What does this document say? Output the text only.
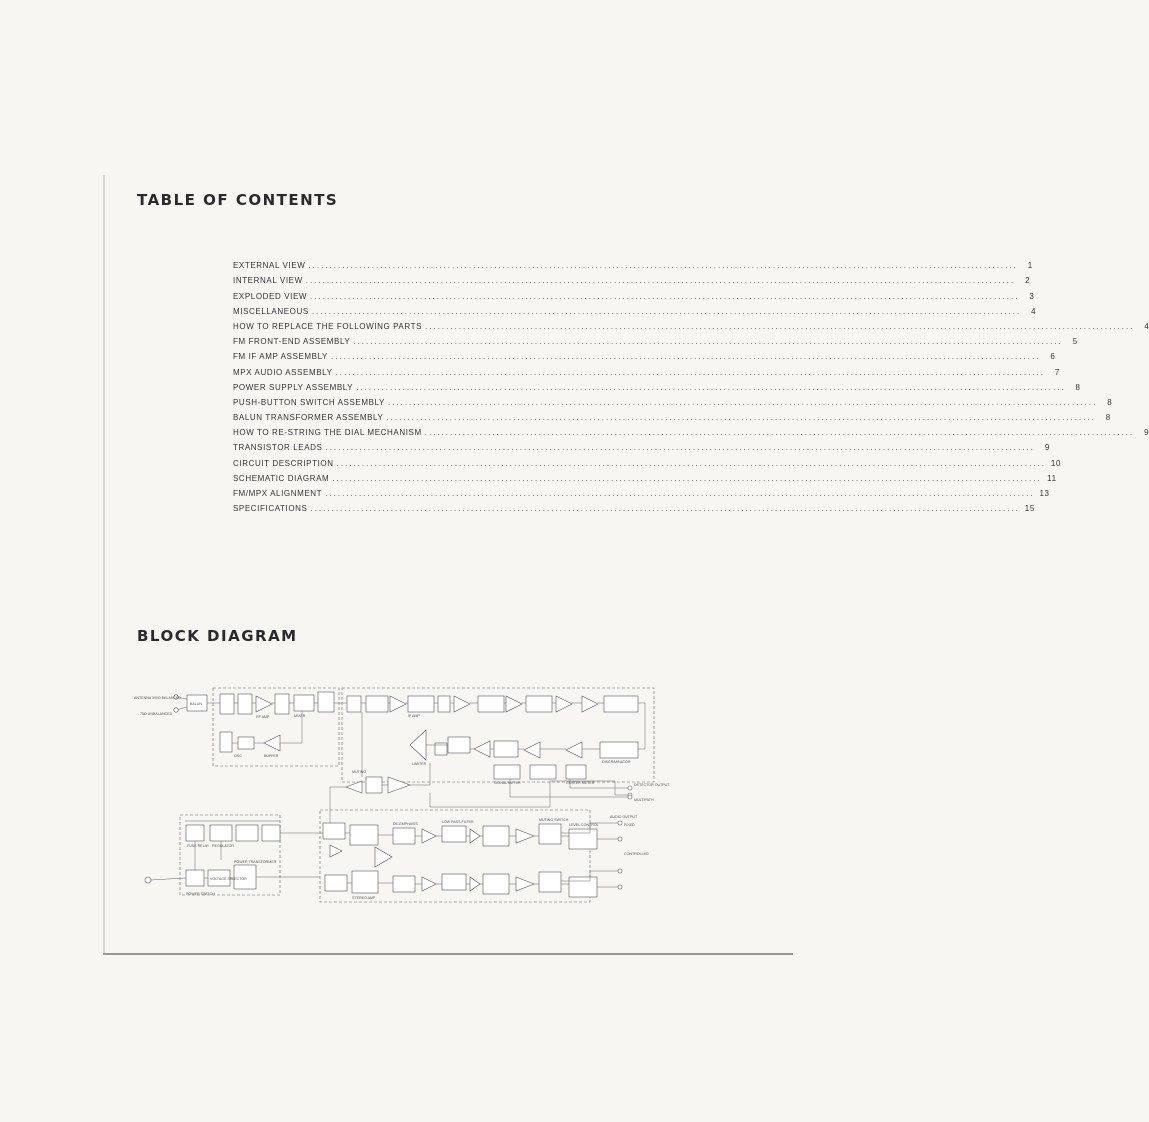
TABLE OF CONTENTS
EXTERNAL VIEW .....	1
INTERNAL VIEW .....	2
EXPLODED VIEW .....	3
MISCELLANEOUS .....	4
HOW TO REPLACE THE FOLLOWING PARTS .....	4
FM FRONT-END ASSEMBLY .....	5
FM IF AMP ASSEMBLY .....	6
MPX AUDIO ASSEMBLY .....	7
POWER SUPPLY ASSEMBLY .....	8
PUSH-BUTTON SWITCH ASSEMBLY .....	8
BALUN TRANSFORMER ASSEMBLY .....	8
HOW TO RE-STRING THE DIAL MECHANISM .....	9
TRANSISTOR LEADS .....	9
CIRCUIT DESCRIPTION .....	10
SCHEMATIC DIAGRAM .....	11
FM/MPX ALIGNMENT .....	13
SPECIFICATIONS .....	15
BLOCK DIAGRAM
ANTENNA 300Ω BALANCED
75Ω UNBALANCED
BALUN
RF AMP	MIXER
OSC	BUFFER
IF AMP
LIMITER	DISCRIMINATOR
MUTING
SIGNAL METER	CENTER METER	DETECTOR OUTPUT
MULTIPATH
AUDIO OUTPUT
FIXED
CONTROLLED
POWER SWITCH
VOLTAGE SELECTOR
POWER TRANSFORMER
FUSE RELAY REGULATOR
STEREO AMP
DE-EMPHASIS	LOW PASS FILTER
LEVEL CONTROL
MUTING SWITCH
